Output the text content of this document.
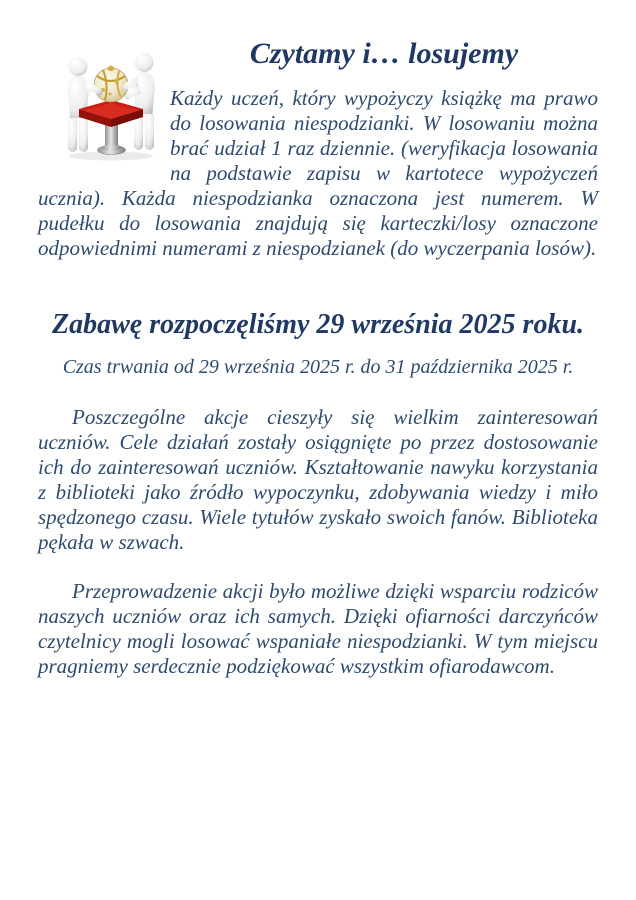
Czytamy i… losujemy

Każdy uczeń, który wypożyczy książkę ma prawo do losowania niespodzianki. W losowaniu można brać udział 1 raz dziennie. (weryfikacja losowania na podstawie zapisu w kartotece wypożyczeń ucznia). Każda niespodzianka oznaczona jest numerem. W pudełku do losowania znajdują się karteczki/losy oznaczone odpowiednimi numerami z niespodzianek (do wyczerpania losów).

Zabawę rozpoczęliśmy 29 września 2025 roku.

Czas trwania od 29 września 2025 r. do 31 października 2025 r.

Poszczególne akcje cieszyły się wielkim zainteresowań uczniów. Cele działań zostały osiągnięte po przez dostosowanie ich do zainteresowań uczniów. Kształtowanie nawyku korzystania z biblioteki jako źródło wypoczynku, zdobywania wiedzy i miło spędzonego czasu. Wiele tytułów zyskało swoich fanów. Biblioteka pękała w szwach.

Przeprowadzenie akcji było możliwe dzięki wsparciu rodziców naszych uczniów oraz ich samych. Dzięki ofiarności darczyńców czytelnicy mogli losować wspaniałe niespodzianki. W tym miejscu pragniemy serdecznie podziękować wszystkim ofiarodawcom.
